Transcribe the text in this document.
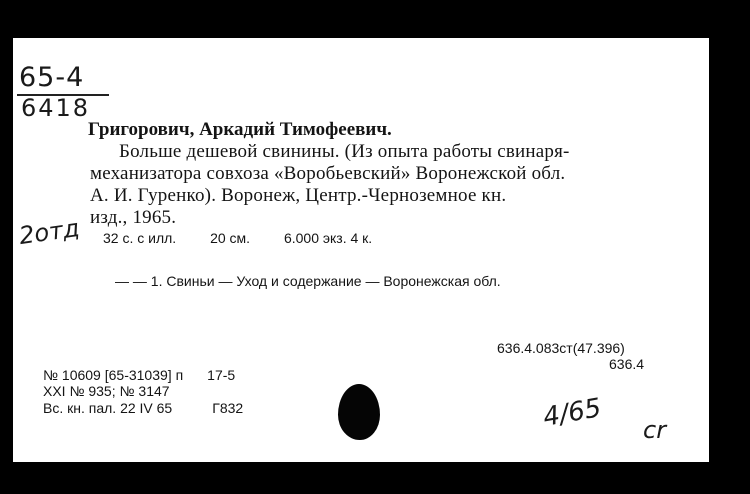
65-4
6418
2отд
Григорович, Аркадий Тимофеевич.
Больше дешевой свинины. (Из опыта работы свинаря-
механизатора совхоза «Воробьевский» Воронежской обл.
А. И. Гуренко). Воронеж, Центр.-Черноземное кн.
изд., 1965.
32 с. с илл. 20 см. 6.000 экз. 4 к.
— — 1. Свиньи — Уход и содержание — Воронежская обл.
636.4.083ст(47.396)
636.4
№ 10609 [65-31039] п 17-5
XXI № 935; № 3147
Вс. кн. пал. 22 IV 65	Г832	4/65 cr
